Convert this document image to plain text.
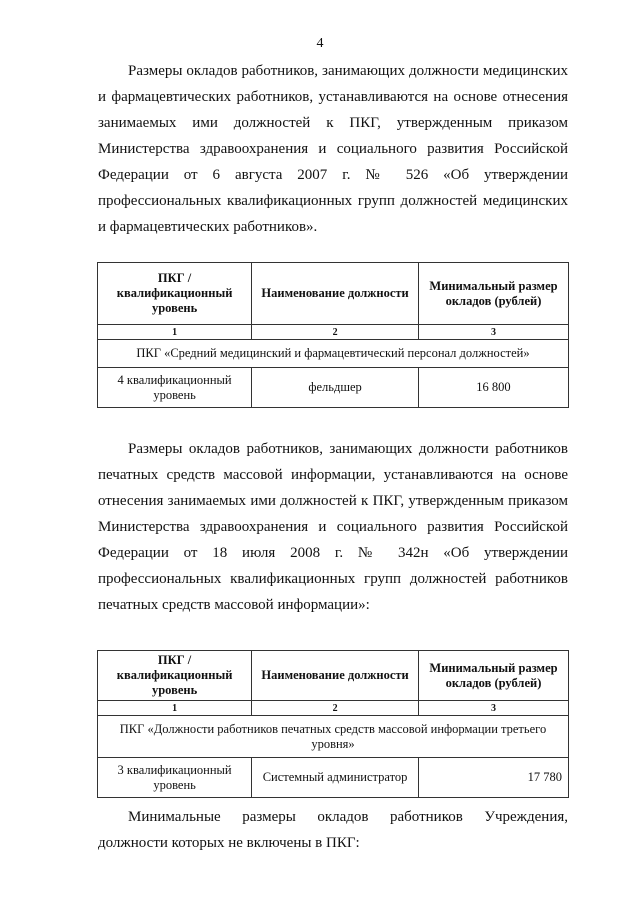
4

Размеры окладов работников, занимающих должности медицинских и фармацевтических работников, устанавливаются на основе отнесения занимаемых ими должностей к ПКГ, утвержденным приказом Министерства здравоохранения и социального развития Российской Федерации от 6 августа 2007 г. № 526 «Об утверждении профессиональных квалификационных групп должностей медицинских и фармацевтических работников».

ПКГ / квалификационный уровень	Наименование должности	Минимальный размер окладов (рублей)
1	2	3
ПКГ «Средний медицинский и фармацевтический персонал должностей»		
4 квалификационный уровень	фельдшер	16 800

Размеры окладов работников, занимающих должности работников печатных средств массовой информации, устанавливаются на основе отнесения занимаемых ими должностей к ПКГ, утвержденным приказом Министерства здравоохранения и социального развития Российской Федерации от 18 июля 2008 г. № 342н «Об утверждении профессиональных квалификационных групп должностей работников печатных средств массовой информации»:

ПКГ / квалификационный уровень	Наименование должности	Минимальный размер окладов (рублей)
1	2	3
ПКГ «Должности работников печатных средств массовой информации третьего уровня»		
3 квалификационный уровень	Системный администратор	17 780

Минимальные размеры окладов работников Учреждения, должности которых не включены в ПКГ:
